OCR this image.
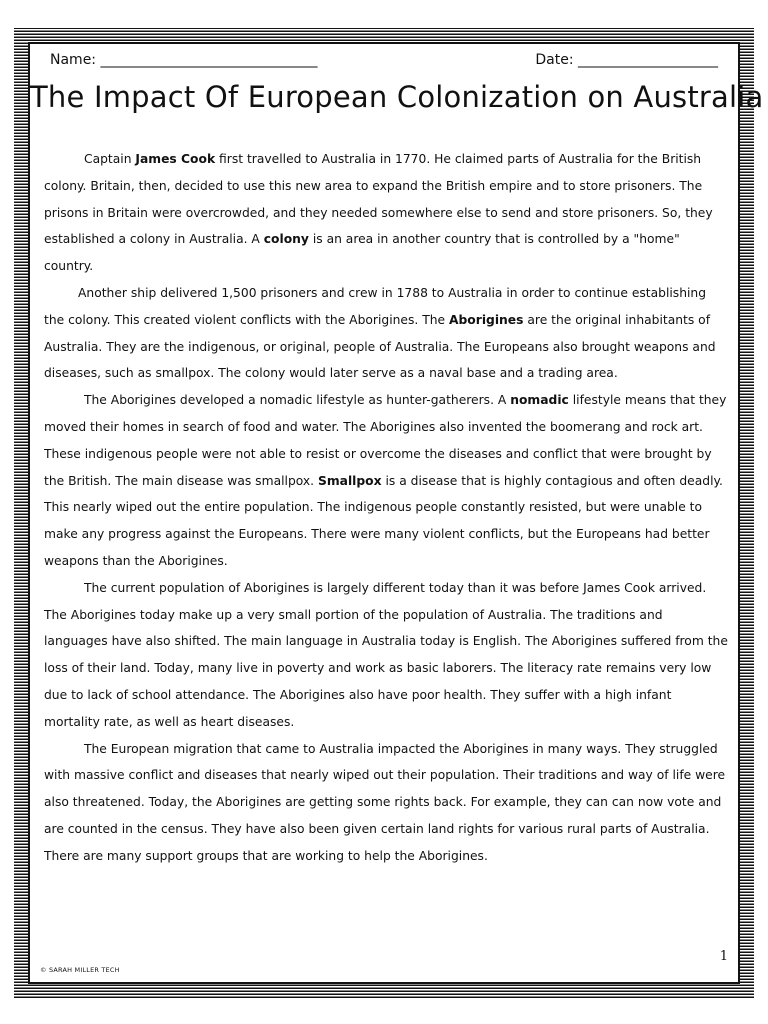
Name: _______________________________	Date: ____________________
The Impact Of European Colonization on Australia

Captain James Cook first travelled to Australia in 1770. He claimed parts of Australia for the British colony. Britain, then, decided to use this new area to expand the British empire and to store prisoners. The prisons in Britain were overcrowded, and they needed somewhere else to send and store prisoners. So, they established a colony in Australia. A colony is an area in another country that is controlled by a "home" country.

Another ship delivered 1,500 prisoners and crew in 1788 to Australia in order to continue establishing the colony. This created violent conflicts with the Aborigines. The Aborigines are the original inhabitants of Australia. They are the indigenous, or original, people of Australia. The Europeans also brought weapons and diseases, such as smallpox. The colony would later serve as a naval base and a trading area.

The Aborigines developed a nomadic lifestyle as hunter-gatherers. A nomadic lifestyle means that they moved their homes in search of food and water. The Aborigines also invented the boomerang and rock art. These indigenous people were not able to resist or overcome the diseases and conflict that were brought by the British. The main disease was smallpox. Smallpox is a disease that is highly contagious and often deadly. This nearly wiped out the entire population. The indigenous people constantly resisted, but were unable to make any progress against the Europeans. There were many violent conflicts, but the Europeans had better weapons than the Aborigines.

The current population of Aborigines is largely different today than it was before James Cook arrived. The Aborigines today make up a very small portion of the population of Australia. The traditions and languages have also shifted. The main language in Australia today is English. The Aborigines suffered from the loss of their land. Today, many live in poverty and work as basic laborers. The literacy rate remains very low due to lack of school attendance. The Aborigines also have poor health. They suffer with a high infant mortality rate, as well as heart diseases.

The European migration that came to Australia impacted the Aborigines in many ways. They struggled with massive conflict and diseases that nearly wiped out their population. Their traditions and way of life were also threatened. Today, the Aborigines are getting some rights back. For example, they can can now vote and are counted in the census. They have also been given certain land rights for various rural parts of Australia. There are many support groups that are working to help the Aborigines.

1
© SARAH MILLER TECH
